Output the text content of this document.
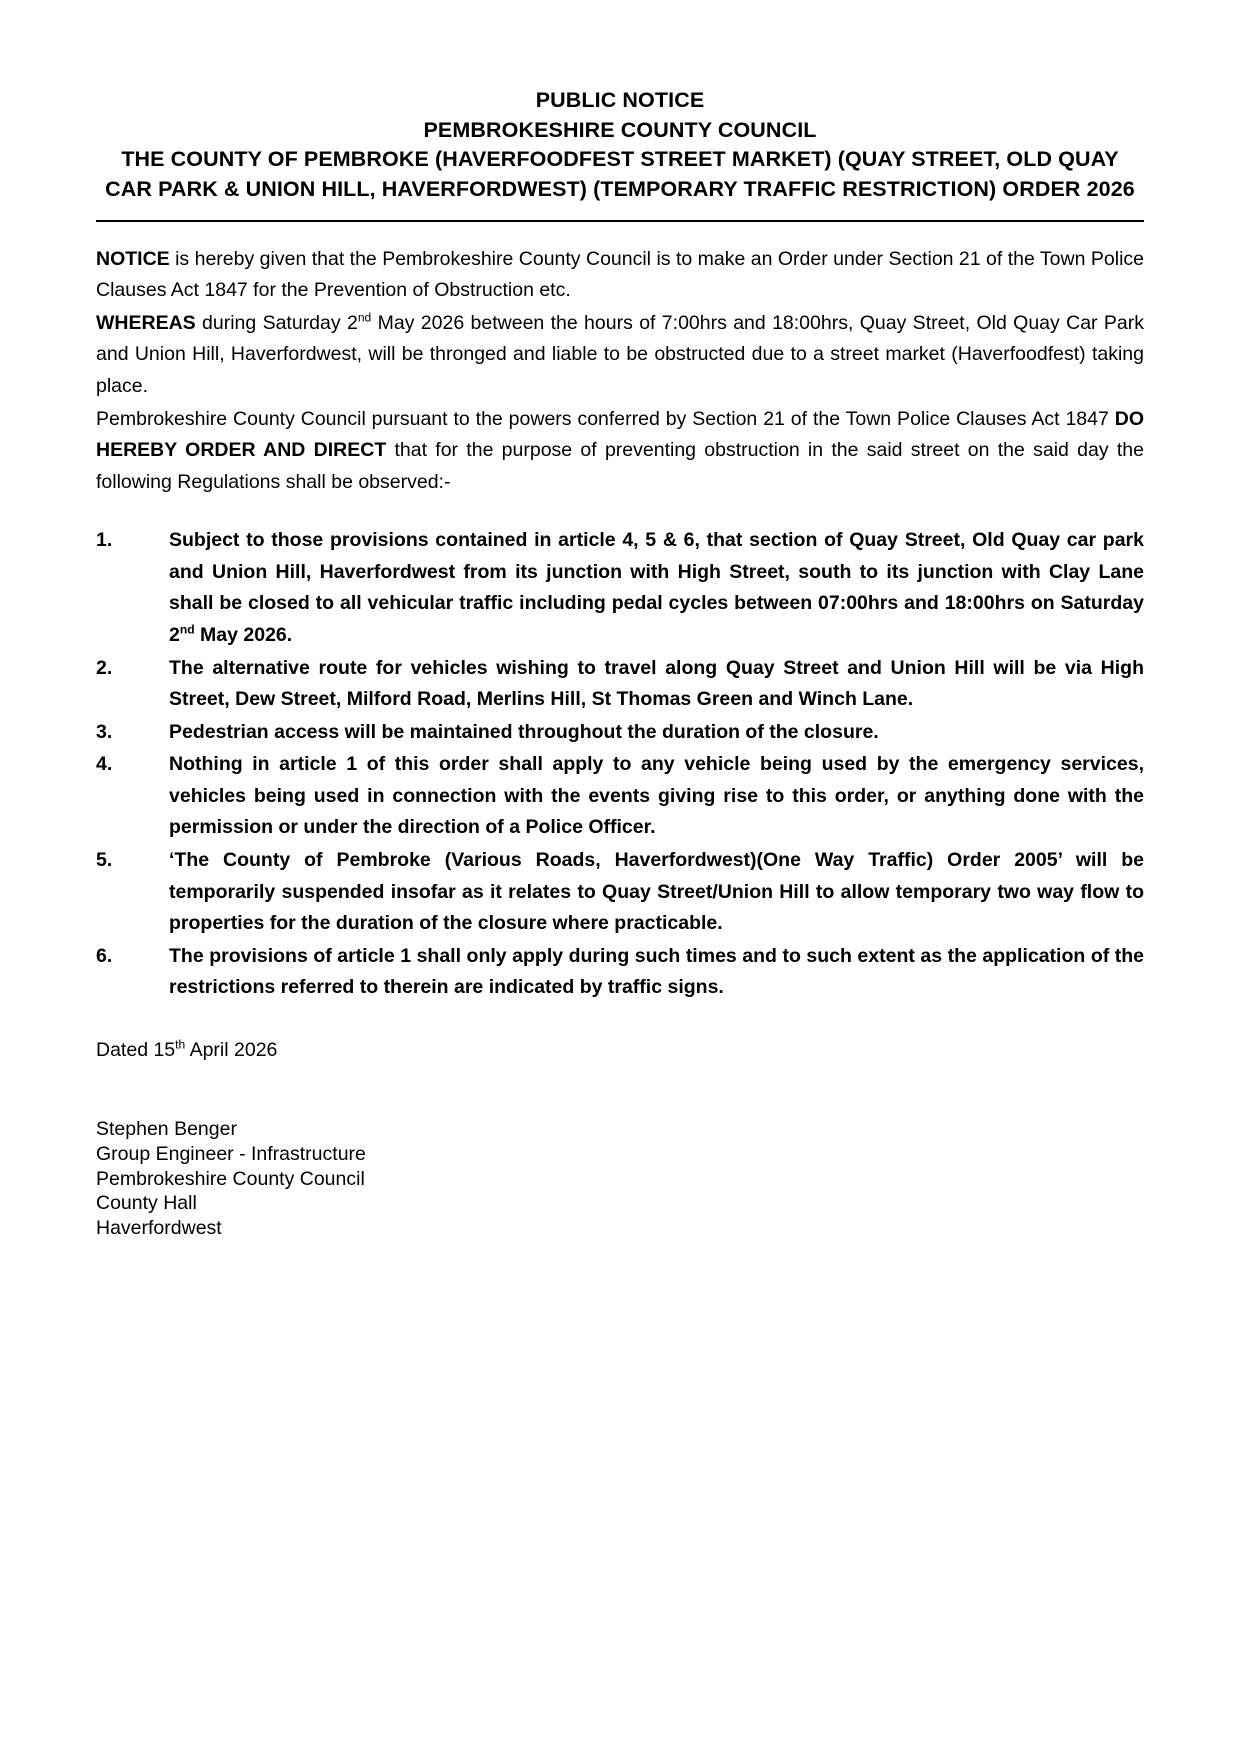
PUBLIC NOTICE
PEMBROKESHIRE COUNTY COUNCIL
THE COUNTY OF PEMBROKE (HAVERFOODFEST STREET MARKET) (QUAY STREET, OLD QUAY CAR PARK & UNION HILL, HAVERFORDWEST) (TEMPORARY TRAFFIC RESTRICTION) ORDER 2026

NOTICE is hereby given that the Pembrokeshire County Council is to make an Order under Section 21 of the Town Police Clauses Act 1847 for the Prevention of Obstruction etc.

WHEREAS during Saturday 2nd May 2026 between the hours of 7:00hrs and 18:00hrs, Quay Street, Old Quay Car Park and Union Hill, Haverfordwest, will be thronged and liable to be obstructed due to a street market (Haverfoodfest) taking place.

Pembrokeshire County Council pursuant to the powers conferred by Section 21 of the Town Police Clauses Act 1847 DO HEREBY ORDER AND DIRECT that for the purpose of preventing obstruction in the said street on the said day the following Regulations shall be observed:-

1.	Subject to those provisions contained in article 4, 5 & 6, that section of Quay Street, Old Quay car park and Union Hill, Haverfordwest from its junction with High Street, south to its junction with Clay Lane shall be closed to all vehicular traffic including pedal cycles between 07:00hrs and 18:00hrs on Saturday 2nd May 2026.
2.	The alternative route for vehicles wishing to travel along Quay Street and Union Hill will be via High Street, Dew Street, Milford Road, Merlins Hill, St Thomas Green and Winch Lane.
3.	Pedestrian access will be maintained throughout the duration of the closure.
4.	Nothing in article 1 of this order shall apply to any vehicle being used by the emergency services, vehicles being used in connection with the events giving rise to this order, or anything done with the permission or under the direction of a Police Officer.
5.	‘The County of Pembroke (Various Roads, Haverfordwest)(One Way Traffic) Order 2005’ will be temporarily suspended insofar as it relates to Quay Street/Union Hill to allow temporary two way flow to properties for the duration of the closure where practicable.
6.	The provisions of article 1 shall only apply during such times and to such extent as the application of the restrictions referred to therein are indicated by traffic signs.

Dated 15th April 2026

Stephen Benger
Group Engineer - Infrastructure
Pembrokeshire County Council
County Hall
Haverfordwest
